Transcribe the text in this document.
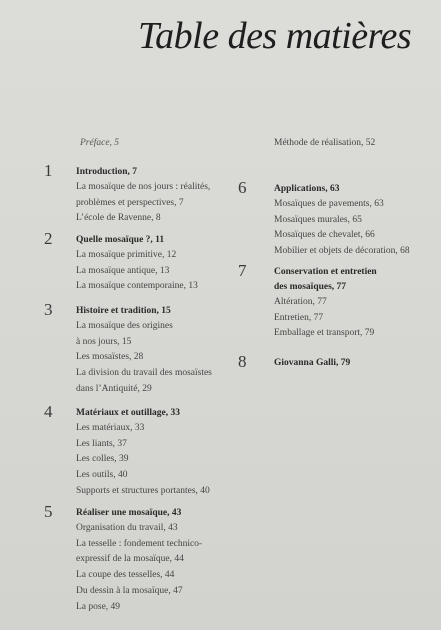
Table des matières
Préface, 5	Méthode de réalisation, 52
1 Introduction, 7
La mosaïque de nos jours : réalités,
problèmes et perspectives, 7
L’école de Ravenne, 8
2 Quelle mosaïque ?, 11
La mosaïque primitive, 12
La mosaïque antique, 13
La mosaïque contemporaine, 13
3 Histoire et tradition, 15
La mosaïque des origines
à nos jours, 15
Les mosaïstes, 28
La division du travail des mosaïstes
dans l’Antiquité, 29
4 Matériaux et outillage, 33
Les matériaux, 33
Les liants, 37
Les colles, 39
Les outils, 40
Supports et structures portantes, 40
5 Réaliser une mosaïque, 43
Organisation du travail, 43
La tesselle : fondement technico-
expressif de la mosaïque, 44
La coupe des tesselles, 44
Du dessin à la mosaïque, 47
La pose, 49
6	Applications, 63
Mosaïques de pavements, 63
Mosaïques murales, 65
Mosaïques de chevalet, 66
Mobilier et objets de décoration, 68
7	Conservation et entretien
des mosaïques, 77
Altération, 77
Entretien, 77
Emballage et transport, 79
8	Giovanna Galli, 79
